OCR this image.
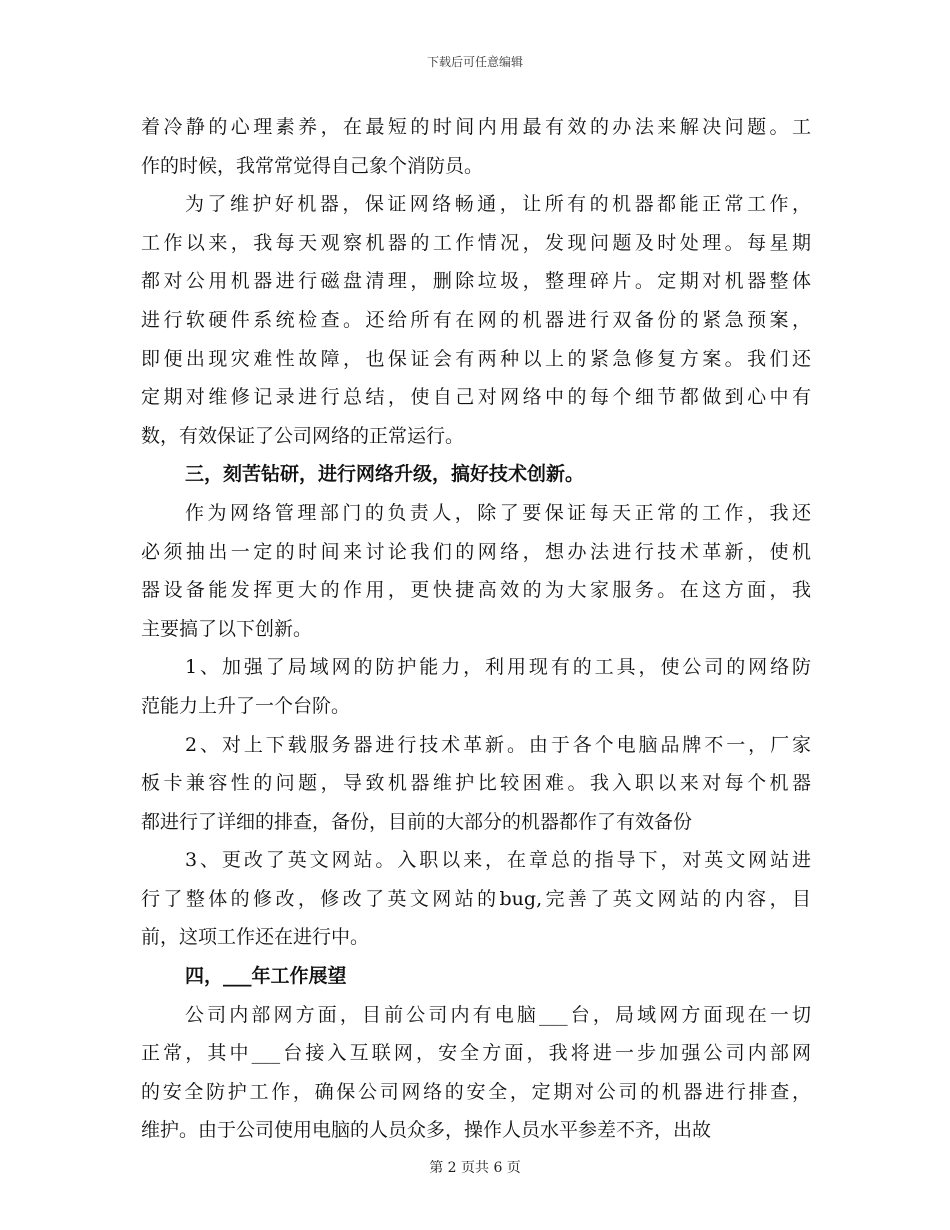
下载后可任意编辑
着冷静的心理素养，在最短的时间内用最有效的办法来解决问题。工
作的时候，我常常觉得自己象个消防员。
为了维护好机器，保证网络畅通，让所有的机器都能正常工作，
工作以来，我每天观察机器的工作情况，发现问题及时处理。每星期
都对公用机器进行磁盘清理，删除垃圾，整理碎片。定期对机器整体
进行软硬件系统检查。还给所有在网的机器进行双备份的紧急预案，
即便出现灾难性故障，也保证会有两种以上的紧急修复方案。我们还
定期对维修记录进行总结，使自己对网络中的每个细节都做到心中有
数，有效保证了公司网络的正常运行。
三，刻苦钻研，进行网络升级，搞好技术创新。
作为网络管理部门的负责人，除了要保证每天正常的工作，我还
必须抽出一定的时间来讨论我们的网络，想办法进行技术革新，使机
器设备能发挥更大的作用，更快捷高效的为大家服务。在这方面，我
主要搞了以下创新。
1、加强了局域网的防护能力，利用现有的工具，使公司的网络防
范能力上升了一个台阶。
2、对上下载服务器进行技术革新。由于各个电脑品牌不一，厂家
板卡兼容性的问题，导致机器维护比较困难。我入职以来对每个机器
都进行了详细的排查，备份，目前的大部分的机器都作了有效备份
3、更改了英文网站。入职以来，在章总的指导下，对英文网站进
行了整体的修改，修改了英文网站的bug,完善了英文网站的内容，目
前，这项工作还在进行中。
四，___年工作展望
公司内部网方面，目前公司内有电脑___台，局域网方面现在一切
正常，其中___台接入互联网，安全方面，我将进一步加强公司内部网
的安全防护工作，确保公司网络的安全，定期对公司的机器进行排查，
维护。由于公司使用电脑的人员众多，操作人员水平参差不齐，出故
第 2 页共 6 页
